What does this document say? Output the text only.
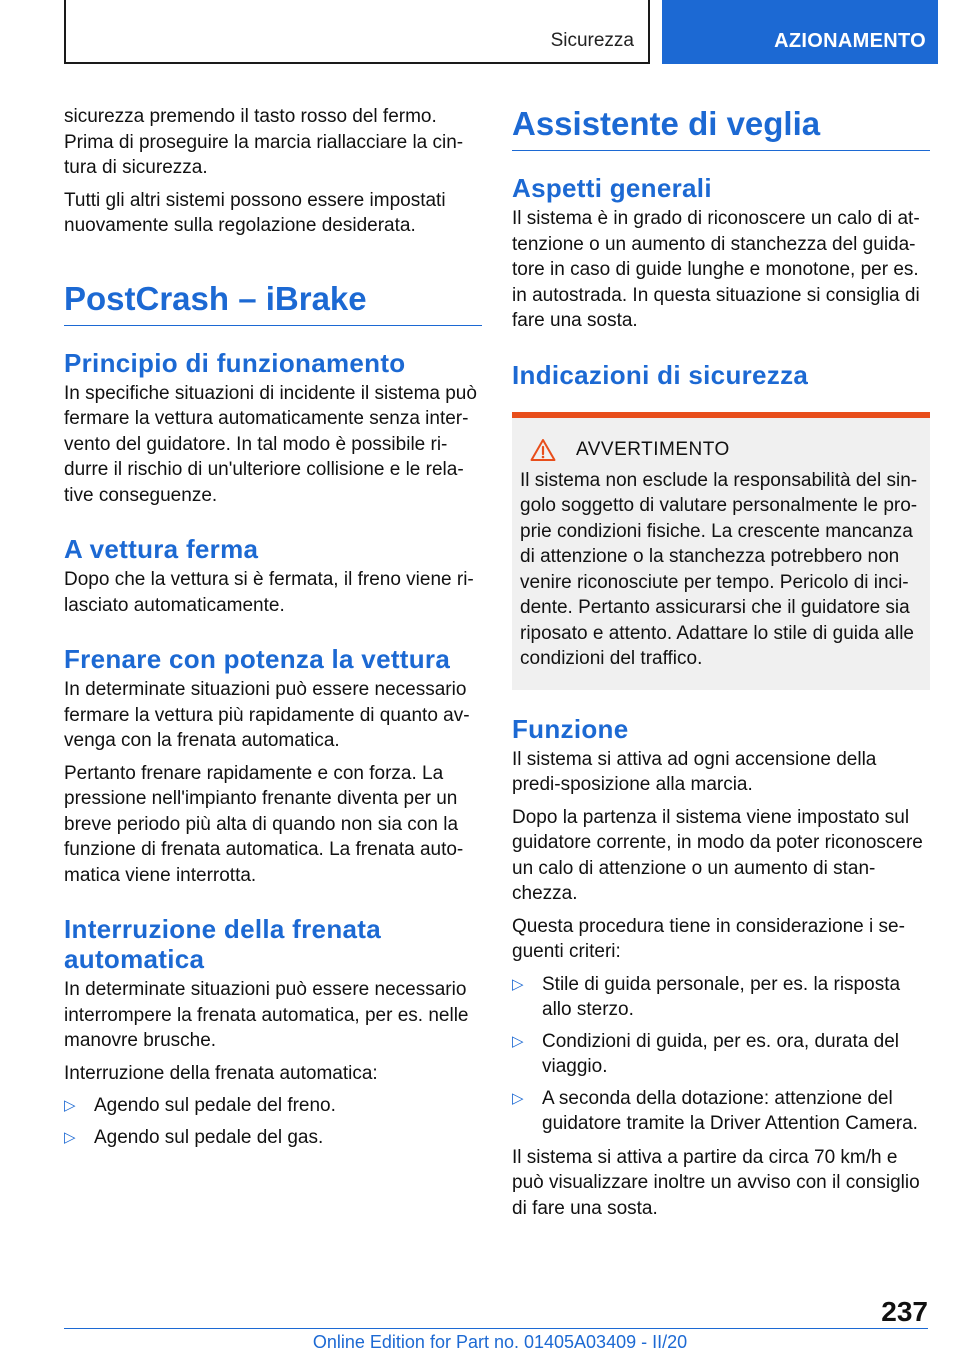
Sicurezza	AZIONAMENTO

sicurezza premendo il tasto rosso del fermo. Prima di proseguire la marcia riallacciare la cin-tura di sicurezza.

Tutti gli altri sistemi possono essere impostati nuovamente sulla regolazione desiderata.

PostCrash – iBrake
Principio di funzionamento

In specifiche situazioni di incidente il sistema può fermare la vettura automaticamente senza inter-vento del guidatore. In tal modo è possibile ri-durre il rischio di un'ulteriore collisione e le rela-tive conseguenze.

A vettura ferma

Dopo che la vettura si è fermata, il freno viene ri-lasciato automaticamente.

Frenare con potenza la vettura

In determinate situazioni può essere necessario fermare la vettura più rapidamente di quanto av-venga con la frenata automatica.

Pertanto frenare rapidamente e con forza. La pressione nell'impianto frenante diventa per un breve periodo più alta di quando non sia con la funzione di frenata automatica. La frenata auto-matica viene interrotta.

Interruzione della frenata automatica

In determinate situazioni può essere necessario interrompere la frenata automatica, per es. nelle manovre brusche.

Interruzione della frenata automatica:

▷ Agendo sul pedale del freno.
▷ Agendo sul pedale del gas.
Assistente di veglia
Aspetti generali

Il sistema è in grado di riconoscere un calo di at-tenzione o un aumento di stanchezza del guida-tore in caso di guide lunghe e monotone, per es. in autostrada. In questa situazione si consiglia di fare una sosta.

Indicazioni di sicurezza
AVVERTIMENTO

Il sistema non esclude la responsabilità del sin-golo soggetto di valutare personalmente le pro-prie condizioni fisiche. La crescente mancanza di attenzione o la stanchezza potrebbero non venire riconosciute per tempo. Pericolo di inci-dente. Pertanto assicurarsi che il guidatore sia riposato e attento. Adattare lo stile di guida alle condizioni del traffico.

Funzione

Il sistema si attiva ad ogni accensione della predi-sposizione alla marcia.

Dopo la partenza il sistema viene impostato sul guidatore corrente, in modo da poter riconoscere un calo di attenzione o un aumento di stan-chezza.

Questa procedura tiene in considerazione i se-guenti criteri:

▷ Stile di guida personale, per es. la risposta allo sterzo.
▷ Condizioni di guida, per es. ora, durata del viaggio.
▷ A seconda della dotazione: attenzione del guidatore tramite la Driver Attention Camera.

Il sistema si attiva a partire da circa 70 km/h e può visualizzare inoltre un avviso con il consiglio di fare una sosta.

237
Online Edition for Part no. 01405A03409 - II/20
